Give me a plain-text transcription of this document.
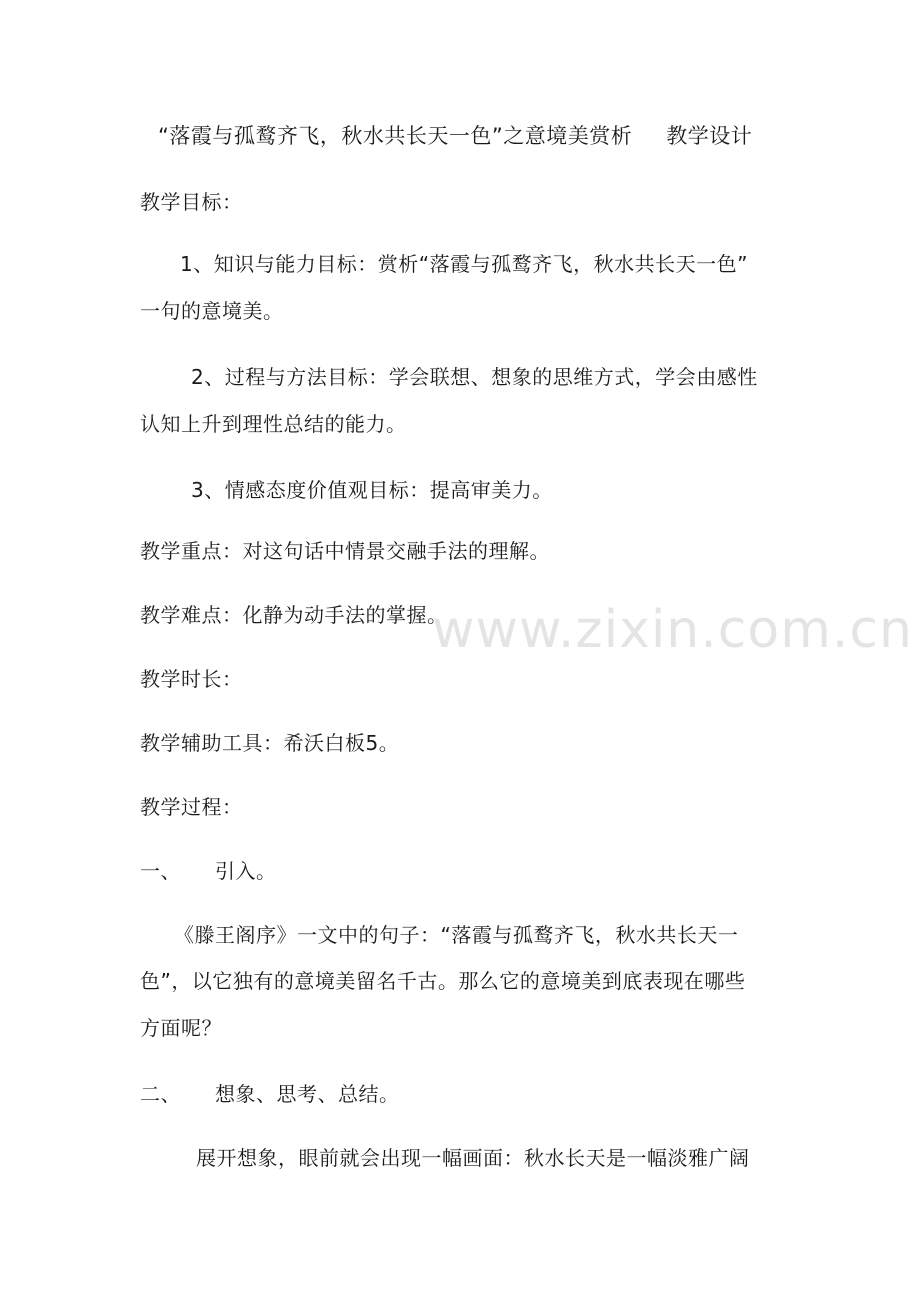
“落霞与孤鹜齐飞，秋水共长天一色”之意境美赏析 教学设计
教学目标：
1、知识与能力目标：赏析“落霞与孤鹜齐飞，秋水共长天一色”
一句的意境美。
2、过程与方法目标：学会联想、想象的思维方式，学会由感性
认知上升到理性总结的能力。
3、情感态度价值观目标：提高审美力。
教学重点：对这句话中情景交融手法的理解。
教学难点：化静为动手法的掌握。
教学时长：
教学辅助工具：希沃白板5。
教学过程：
一、 引入。
《滕王阁序》一文中的句子：“落霞与孤鹜齐飞，秋水共长天一
色”，以它独有的意境美留名千古。那么它的意境美到底表现在哪些
方面呢？
二、 想象、思考、总结。
展开想象，眼前就会出现一幅画面：秋水长天是一幅淡雅广阔
www.zixin.com.cn
